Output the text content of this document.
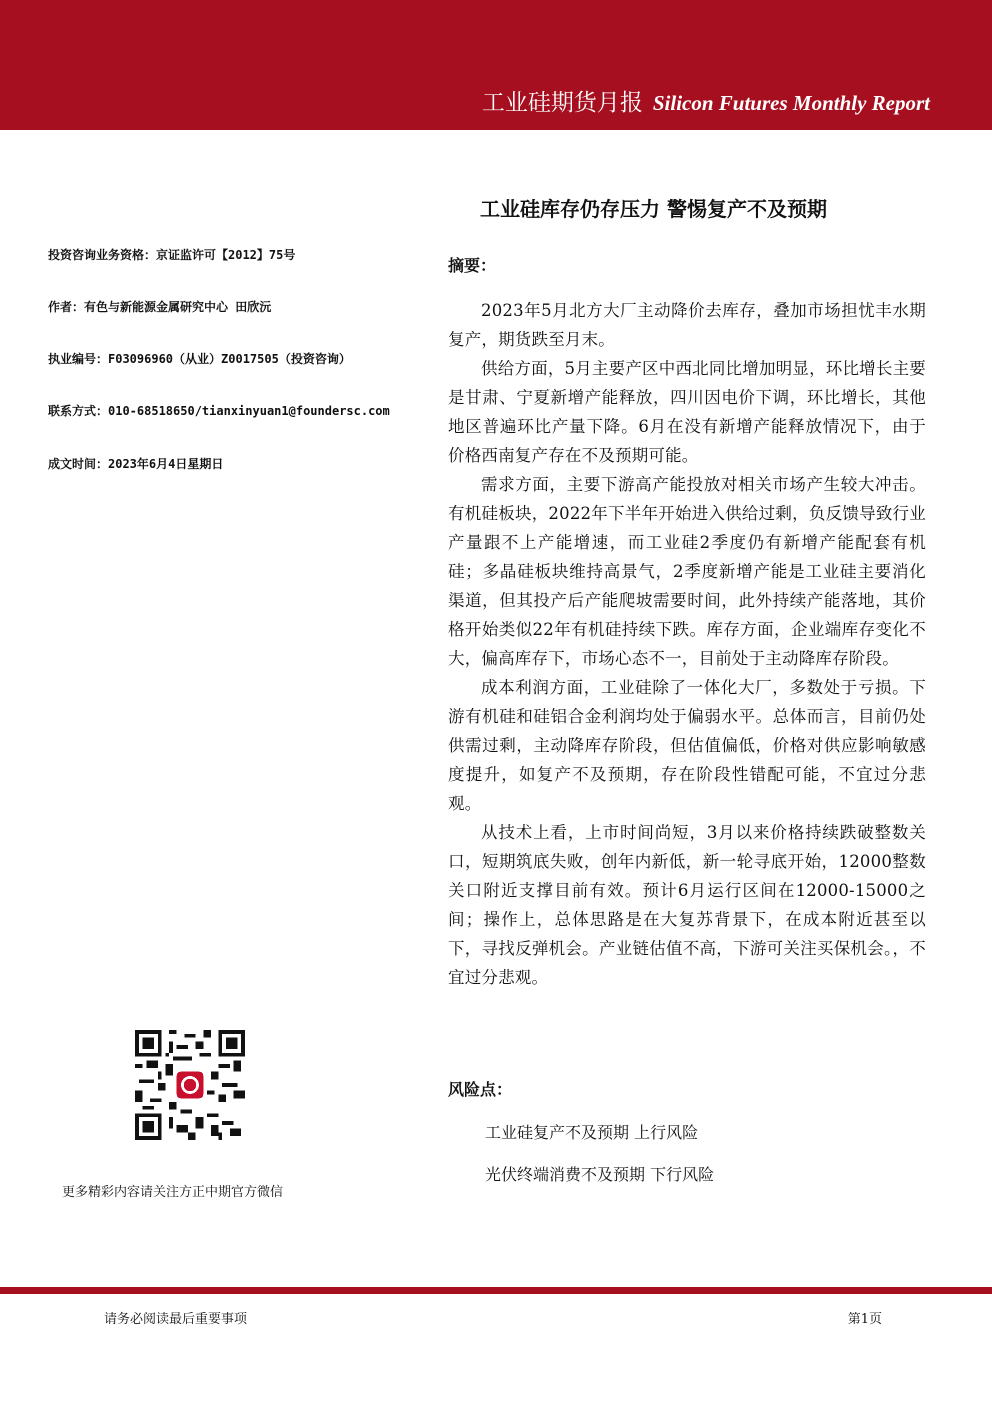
工业硅期货月报 Silicon Futures Monthly Report
工业硅库存仍存压力 警惕复产不及预期
投资咨询业务资格：京证监许可【2012】75号
作者：有色与新能源金属研究中心 田欣沅
执业编号：F03096960（从业）Z0017505（投资咨询）
联系方式：010-68518650/tianxinyuan1@foundersc.com
成文时间：2023年6月4日星期日
摘要：

2023年5月北方大厂主动降价去库存，叠加市场担忧丰水期复产，期货跌至月末。

供给方面，5月主要产区中西北同比增加明显，环比增长主要是甘肃、宁夏新增产能释放，四川因电价下调，环比增长，其他地区普遍环比产量下降。6月在没有新增产能释放情况下，由于价格西南复产存在不及预期可能。

需求方面，主要下游高产能投放对相关市场产生较大冲击。有机硅板块，2022年下半年开始进入供给过剩，负反馈导致行业产量跟不上产能增速，而工业硅2季度仍有新增产能配套有机硅；多晶硅板块维持高景气，2季度新增产能是工业硅主要消化渠道，但其投产后产能爬坡需要时间，此外持续产能落地，其价格开始类似22年有机硅持续下跌。库存方面，企业端库存变化不大，偏高库存下，市场心态不一，目前处于主动降库存阶段。

成本利润方面，工业硅除了一体化大厂，多数处于亏损。下游有机硅和硅铝合金利润均处于偏弱水平。总体而言，目前仍处供需过剩，主动降库存阶段，但估值偏低，价格对供应影响敏感度提升，如复产不及预期，存在阶段性错配可能，不宜过分悲观。

从技术上看，上市时间尚短，3月以来价格持续跌破整数关口，短期筑底失败，创年内新低，新一轮寻底开始，12000整数关口附近支撑目前有效。预计6月运行区间在12000-15000之间；操作上，总体思路是在大复苏背景下，在成本附近甚至以下，寻找反弹机会。产业链估值不高，下游可关注买保机会。，不宜过分悲观。

风险点：
工业硅复产不及预期 上行风险
光伏终端消费不及预期 下行风险
更多精彩内容请关注方正中期官方微信
请务必阅读最后重要事项	第1页
